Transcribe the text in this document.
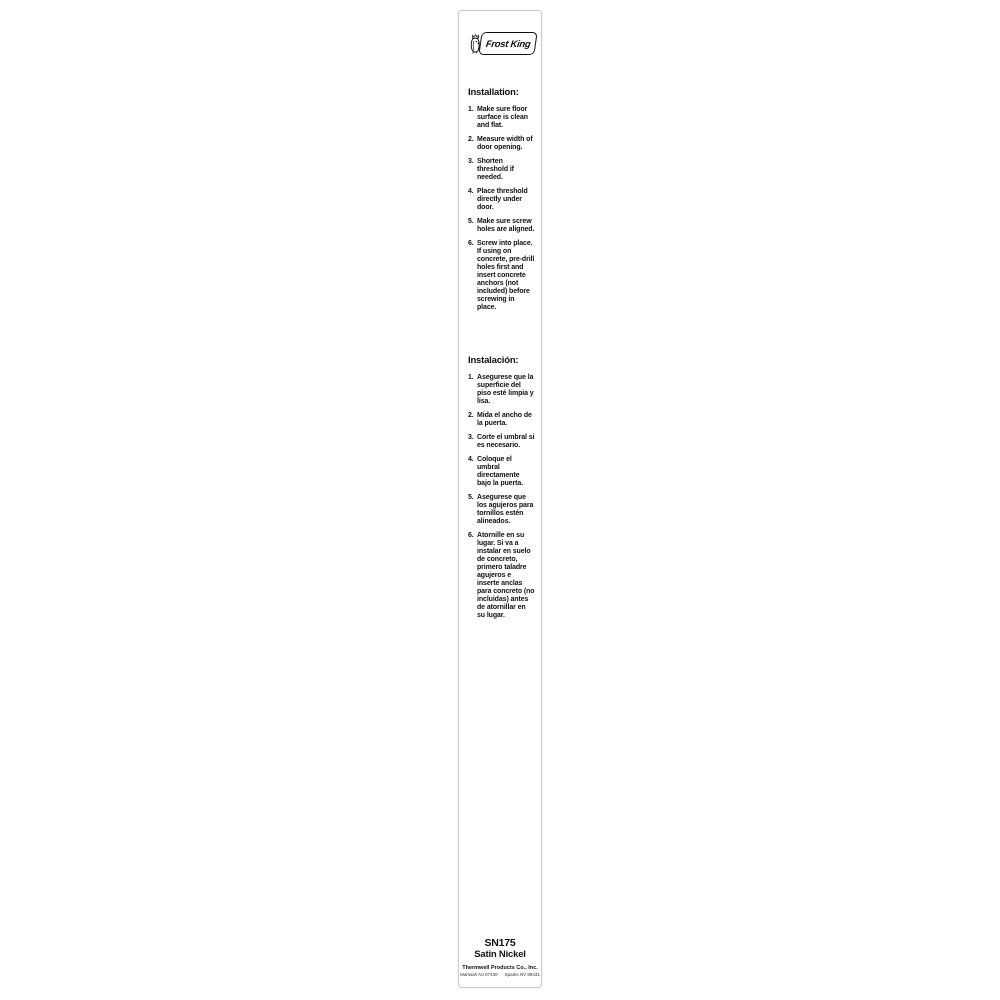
Frost King
Installation:
1. Make sure floor surface is clean and flat.
2. Measure width of door opening.
3. Shorten threshold if needed.
4. Place threshold directly under door.
5. Make sure screw holes are aligned.
6. Screw into place. If using on concrete, pre-drill holes first and insert concrete anchors (not included) before screwing in place.
Instalación:
1. Asegurese que la superficie del piso esté limpia y lisa.
2. Mida el ancho de la puerta.
3. Corte el umbral si es necesario.
4. Coloque el umbral directamente bajo la puerta.
5. Asegurese que los agujeros para tornillos estén alineados.
6. Atornille en su lugar. Si va a instalar en suelo de concreto, primero taladre agujeros e inserte anclas para concreto (no incluidas) antes de atornillar en su lugar.
SN175
Satin Nickel
Thermwell Products Co., Inc.
Mahwah NJ 07430 Sparks NV 89431
